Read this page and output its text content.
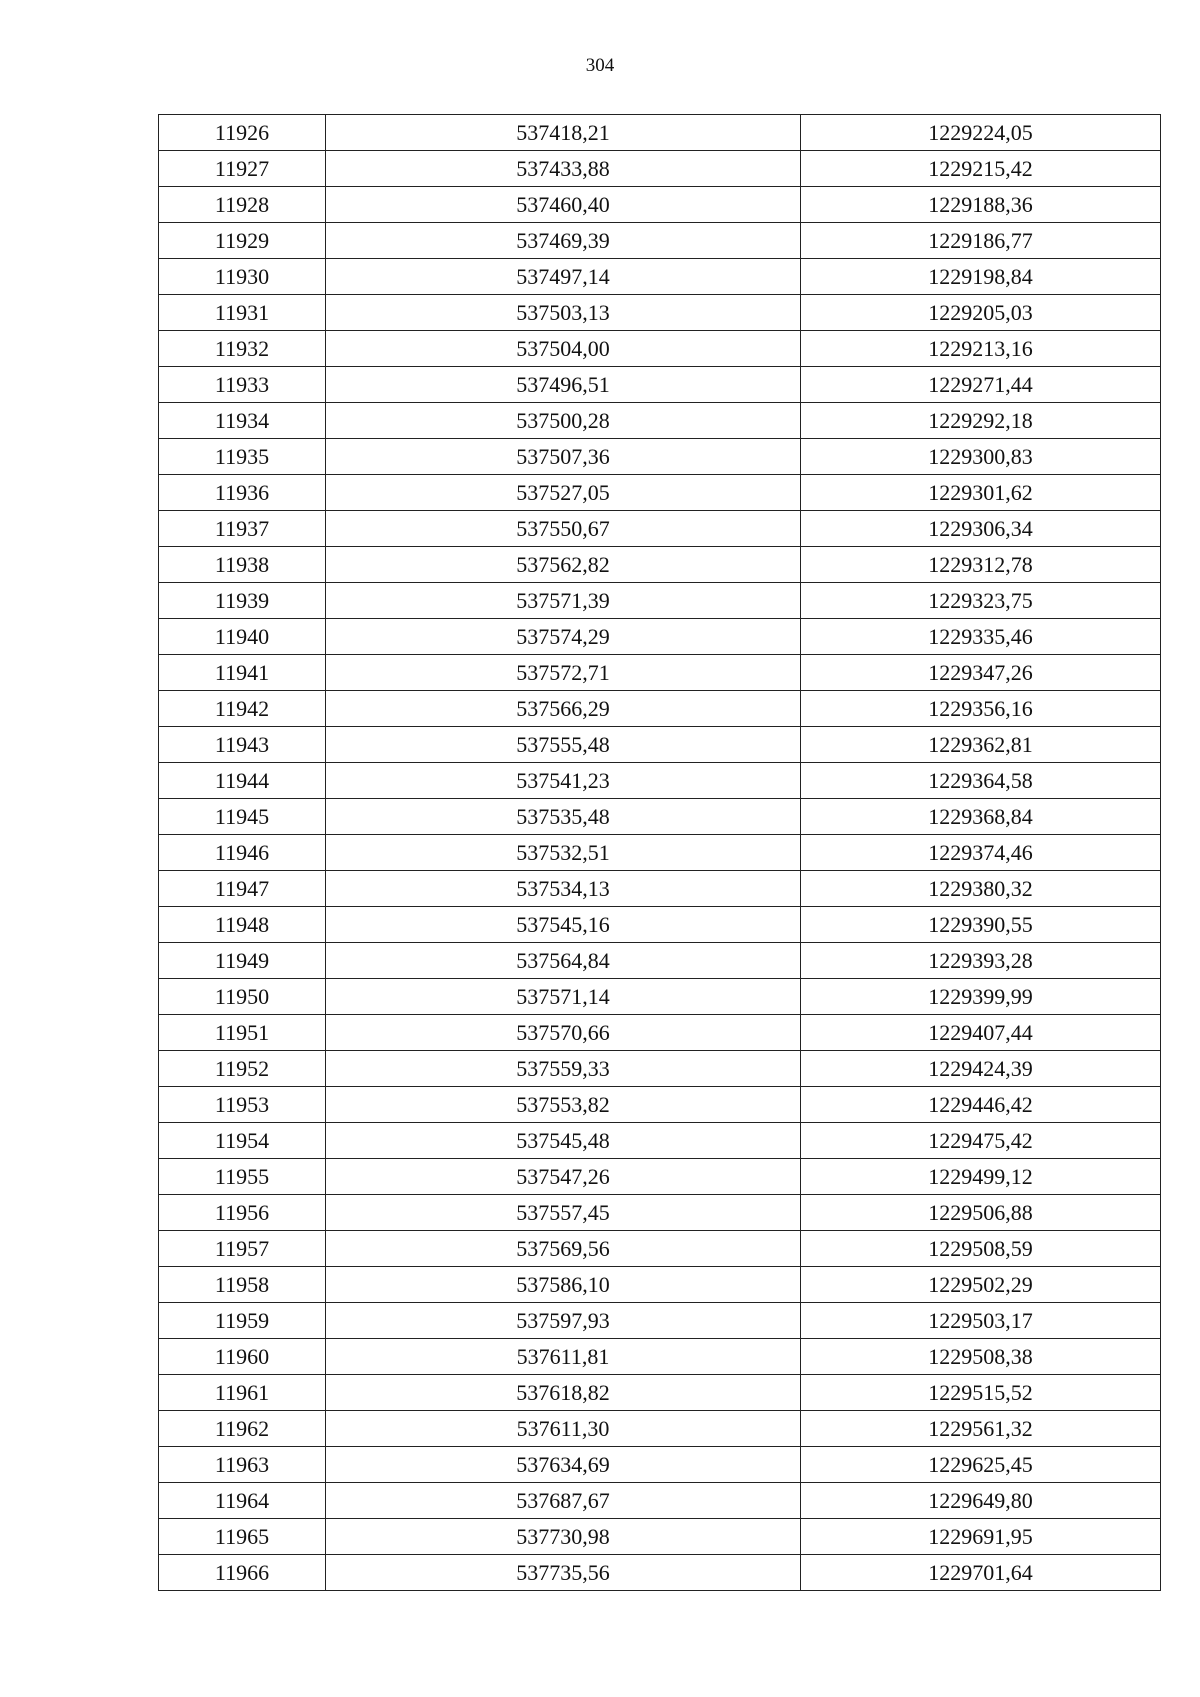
304
11926	537418,21	1229224,05
11927	537433,88	1229215,42
11928	537460,40	1229188,36
11929	537469,39	1229186,77
11930	537497,14	1229198,84
11931	537503,13	1229205,03
11932	537504,00	1229213,16
11933	537496,51	1229271,44
11934	537500,28	1229292,18
11935	537507,36	1229300,83
11936	537527,05	1229301,62
11937	537550,67	1229306,34
11938	537562,82	1229312,78
11939	537571,39	1229323,75
11940	537574,29	1229335,46
11941	537572,71	1229347,26
11942	537566,29	1229356,16
11943	537555,48	1229362,81
11944	537541,23	1229364,58
11945	537535,48	1229368,84
11946	537532,51	1229374,46
11947	537534,13	1229380,32
11948	537545,16	1229390,55
11949	537564,84	1229393,28
11950	537571,14	1229399,99
11951	537570,66	1229407,44
11952	537559,33	1229424,39
11953	537553,82	1229446,42
11954	537545,48	1229475,42
11955	537547,26	1229499,12
11956	537557,45	1229506,88
11957	537569,56	1229508,59
11958	537586,10	1229502,29
11959	537597,93	1229503,17
11960	537611,81	1229508,38
11961	537618,82	1229515,52
11962	537611,30	1229561,32
11963	537634,69	1229625,45
11964	537687,67	1229649,80
11965	537730,98	1229691,95
11966	537735,56	1229701,64
